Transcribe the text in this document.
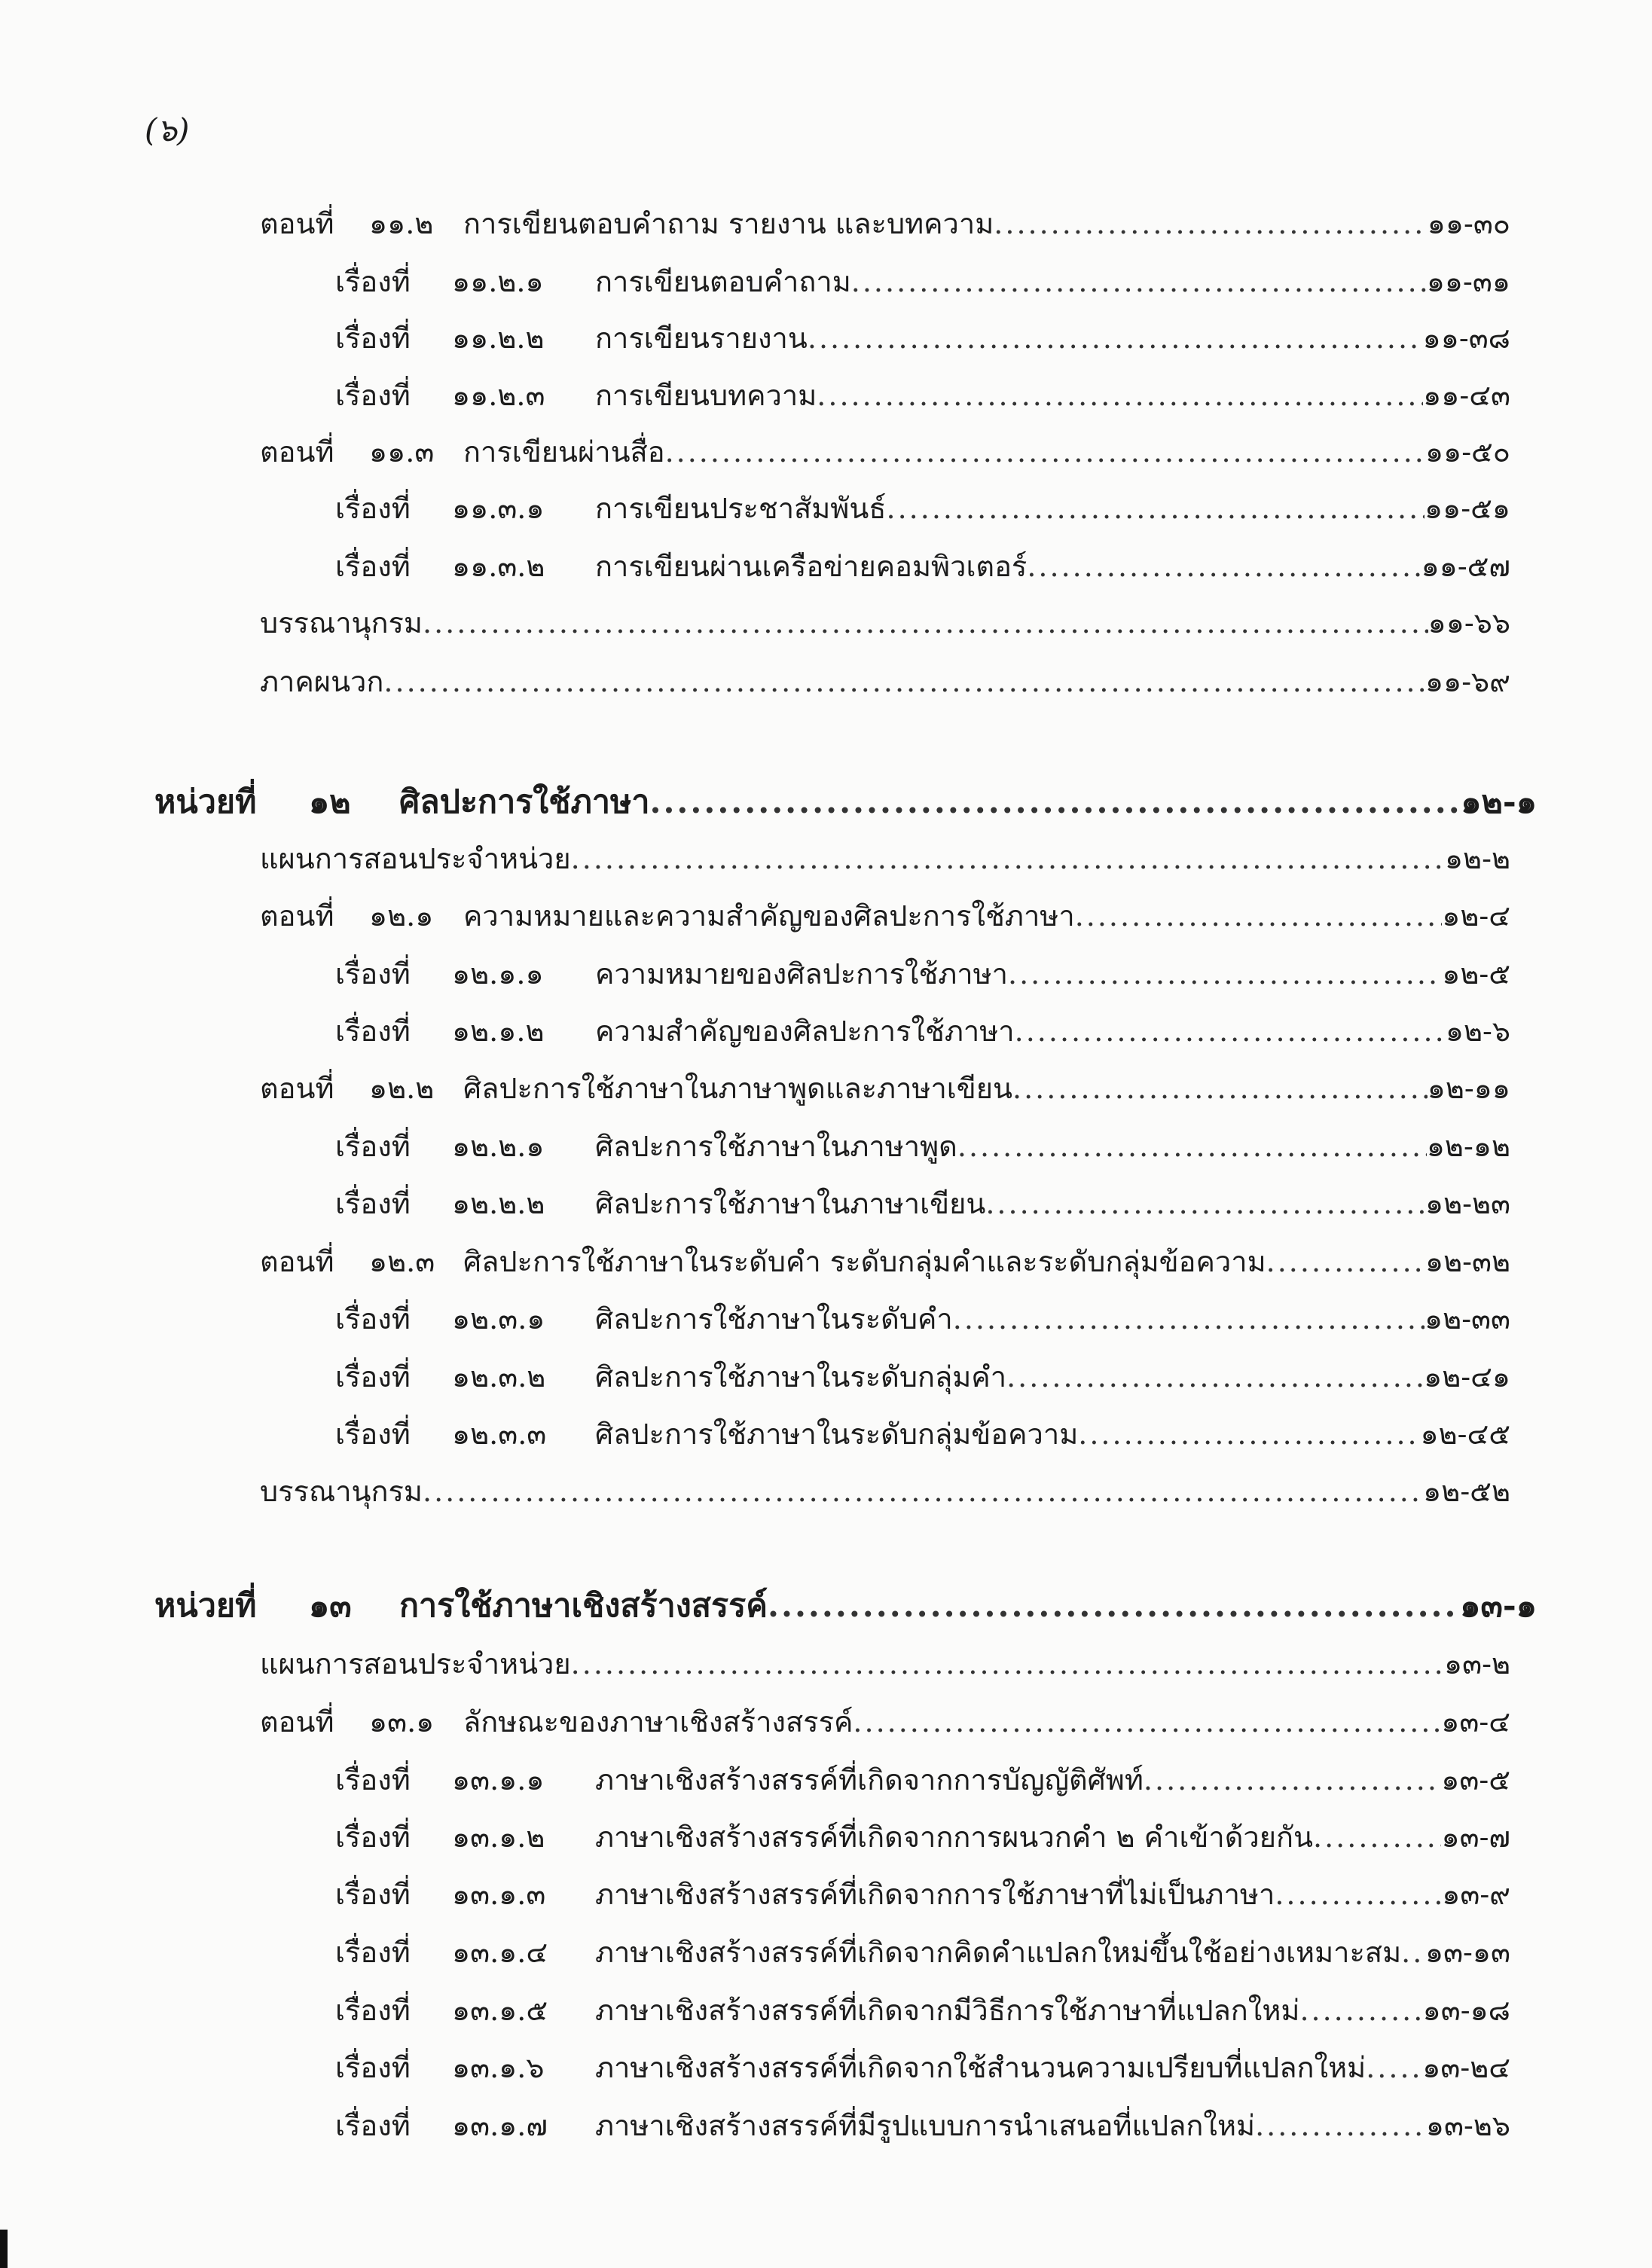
(๖)
ตอนที่	๑๑.๒	การเขียนตอบคำถาม รายงาน และบทความ .....	๑๑-๓๐
เรื่องที่	๑๑.๒.๑	การเขียนตอบคำถาม .....	๑๑-๓๑
เรื่องที่	๑๑.๒.๒	การเขียนรายงาน .....	๑๑-๓๘
เรื่องที่	๑๑.๒.๓	การเขียนบทความ .....	๑๑-๔๓
ตอนที่	๑๑.๓	การเขียนผ่านสื่อ .....	๑๑-๕๐
เรื่องที่	๑๑.๓.๑	การเขียนประชาสัมพันธ์ .....	๑๑-๕๑
เรื่องที่	๑๑.๓.๒	การเขียนผ่านเครือข่ายคอมพิวเตอร์ .....	๑๑-๕๗
บรรณานุกรม .....	๑๑-๖๖
ภาคผนวก .....	๑๑-๖๙
หน่วยที่	๑๒	ศิลปะการใช้ภาษา .....	๑๒-๑
แผนการสอนประจำหน่วย .....	๑๒-๒
ตอนที่	๑๒.๑	ความหมายและความสำคัญของศิลปะการใช้ภาษา .....	๑๒-๔
เรื่องที่	๑๒.๑.๑	ความหมายของศิลปะการใช้ภาษา .....	๑๒-๕
เรื่องที่	๑๒.๑.๒	ความสำคัญของศิลปะการใช้ภาษา .....	๑๒-๖
ตอนที่	๑๒.๒	ศิลปะการใช้ภาษาในภาษาพูดและภาษาเขียน .....	๑๒-๑๑
เรื่องที่	๑๒.๒.๑	ศิลปะการใช้ภาษาในภาษาพูด .....	๑๒-๑๒
เรื่องที่	๑๒.๒.๒	ศิลปะการใช้ภาษาในภาษาเขียน .....	๑๒-๒๓
ตอนที่	๑๒.๓ ศิลปะการใช้ภาษาในระดับคำ ระดับกลุ่มคำและระดับกลุ่มข้อความ .....	๑๒-๓๒
เรื่องที่	๑๒.๓.๑	ศิลปะการใช้ภาษาในระดับคำ .....	๑๒-๓๓
เรื่องที่	๑๒.๓.๒	ศิลปะการใช้ภาษาในระดับกลุ่มคำ .....	๑๒-๔๑
เรื่องที่	๑๒.๓.๓	ศิลปะการใช้ภาษาในระดับกลุ่มข้อความ .....	๑๒-๔๕
บรรณานุกรม .....	๑๒-๕๒
หน่วยที่	๑๓	การใช้ภาษาเชิงสร้างสรรค์ .....	๑๓-๑
แผนการสอนประจำหน่วย .....	๑๓-๒
ตอนที่	๑๓.๑	ลักษณะของภาษาเชิงสร้างสรรค์ .....	๑๓-๔
เรื่องที่	๑๓.๑.๑	ภาษาเชิงสร้างสรรค์ที่เกิดจากการบัญญัติศัพท์ .....	๑๓-๕
เรื่องที่	๑๓.๑.๒	ภาษาเชิงสร้างสรรค์ที่เกิดจากการผนวกคำ ๒ คำเข้าด้วยกัน .....	๑๓-๗
เรื่องที่	๑๓.๑.๓	ภาษาเชิงสร้างสรรค์ที่เกิดจากการใช้ภาษาที่ไม่เป็นภาษา .....	๑๓-๙
เรื่องที่	๑๓.๑.๔	ภาษาเชิงสร้างสรรค์ที่เกิดจากคิดคำแปลกใหม่ขึ้นใช้อย่างเหมาะสม ..... ๑๓-๑๓
เรื่องที่	๑๓.๑.๕	ภาษาเชิงสร้างสรรค์ที่เกิดจากมีวิธีการใช้ภาษาที่แปลกใหม่ .....	๑๓-๑๘
เรื่องที่	๑๓.๑.๖	ภาษาเชิงสร้างสรรค์ที่เกิดจากใช้สำนวนความเปรียบที่แปลกใหม่ ..... ๑๓-๒๔
เรื่องที่	๑๓.๑.๗	ภาษาเชิงสร้างสรรค์ที่มีรูปแบบการนำเสนอที่แปลกใหม่ .....	๑๓-๒๖
